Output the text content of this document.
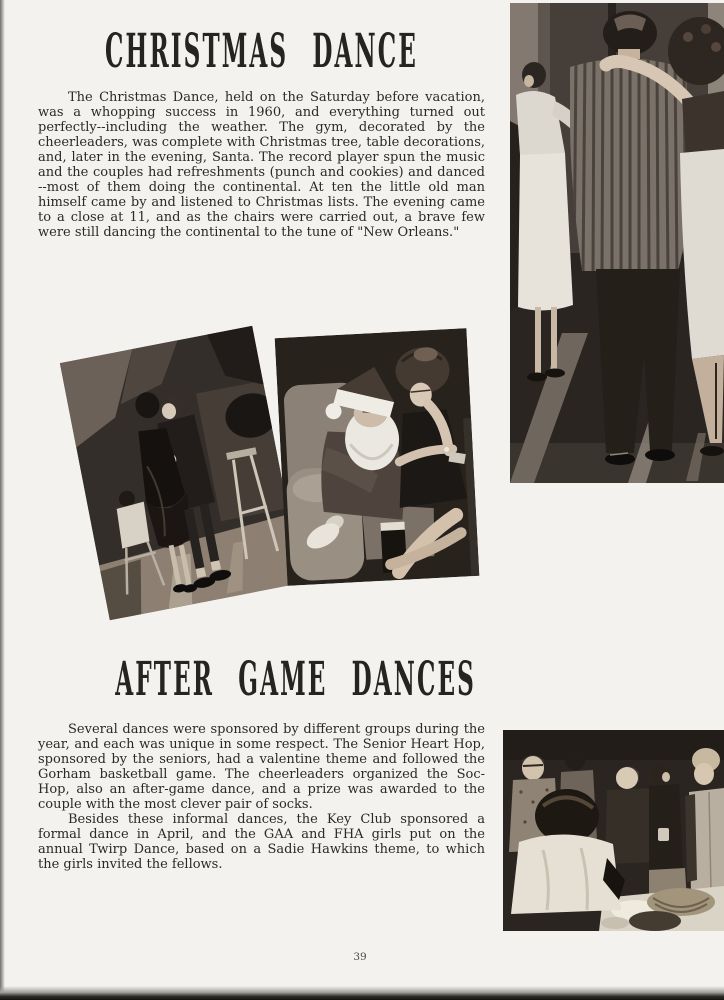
CHRISTMAS DANCE

The Christmas Dance, held on the Saturday before vacation, was a whopping success in 1960, and everything turned out perfectly--including the weather. The gym, decorated by the cheerleaders, was complete with Christmas tree, table decorations, and, later in the evening, Santa. The record player spun the music and the couples had refreshments (punch and cookies) and danced --most of them doing the continental. At ten the little old man himself came by and listened to Christmas lists. The evening came to a close at 11, and as the chairs were carried out, a brave few were still dancing the continental to the tune of "New Orleans."

AFTER GAME DANCES

Several dances were sponsored by different groups during the year, and each was unique in some respect. The Senior Heart Hop, sponsored by the seniors, had a valentine theme and followed the Gorham basketball game. The cheerleaders organized the Soc-Hop, also an after-game dance, and a prize was awarded to the couple with the most clever pair of socks.

Besides these informal dances, the Key Club sponsored a formal dance in April, and the GAA and FHA girls put on the annual Twirp Dance, based on a Sadie Hawkins theme, to which the girls invited the fellows.

39
